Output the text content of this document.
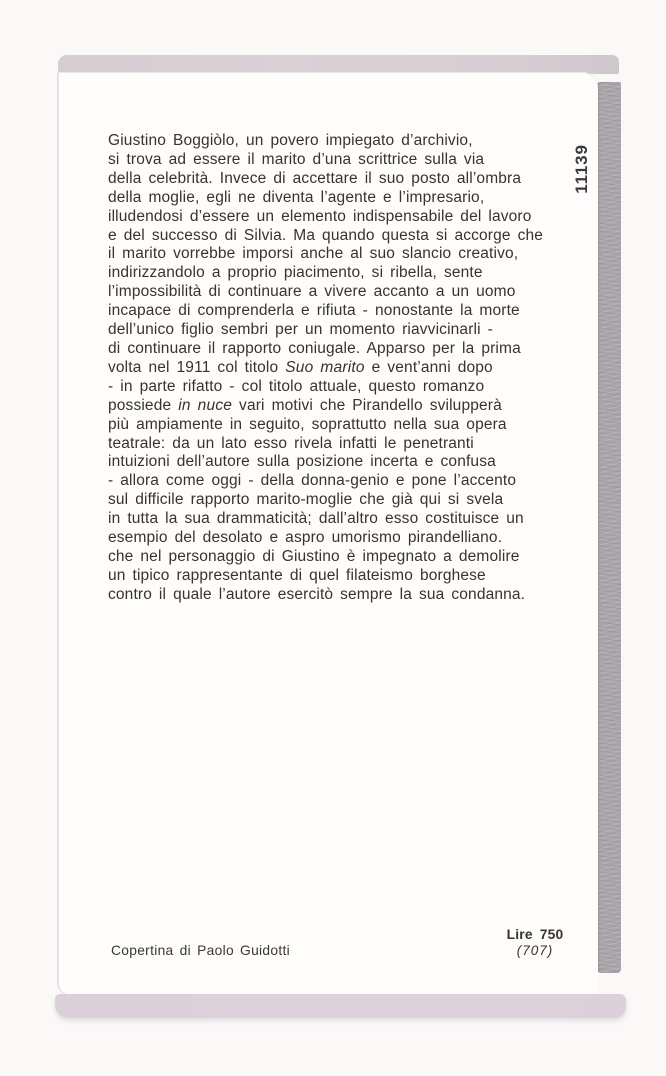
Giustino Boggiòlo, un povero impiegato d’archivio,
si trova ad essere il marito d’una scrittrice sulla via
della celebrità. Invece di accettare il suo posto all’ombra
della moglie, egli ne diventa l’agente e l’impresario,
illudendosi d’essere un elemento indispensabile del lavoro
e del successo di Silvia. Ma quando questa si accorge che
il marito vorrebbe imporsi anche al suo slancio creativo,
indirizzandolo a proprio piacimento, si ribella, sente
l’impossibilità di continuare a vivere accanto a un uomo
incapace di comprenderla e rifiuta - nonostante la morte
dell’unico figlio sembri per un momento riavvicinarli -
di continuare il rapporto coniugale. Apparso per la prima
volta nel 1911 col titolo Suo marito e vent’anni dopo
- in parte rifatto - col titolo attuale, questo romanzo
possiede in nuce vari motivi che Pirandello svilupperà
più ampiamente in seguito, soprattutto nella sua opera
teatrale: da un lato esso rivela infatti le penetranti
intuizioni dell’autore sulla posizione incerta e confusa
- allora come oggi - della donna-genio e pone l’accento
sul difficile rapporto marito-moglie che già qui si svela
in tutta la sua drammaticità; dall’altro esso costituisce un
esempio del desolato e aspro umorismo pirandelliano.
che nel personaggio di Giustino è impegnato a demolire
un tipico rappresentante di quel filateismo borghese
contro il quale l’autore esercitò sempre la sua condanna.
11139
Copertina di Paolo Guidotti
Lire 750
(707)
